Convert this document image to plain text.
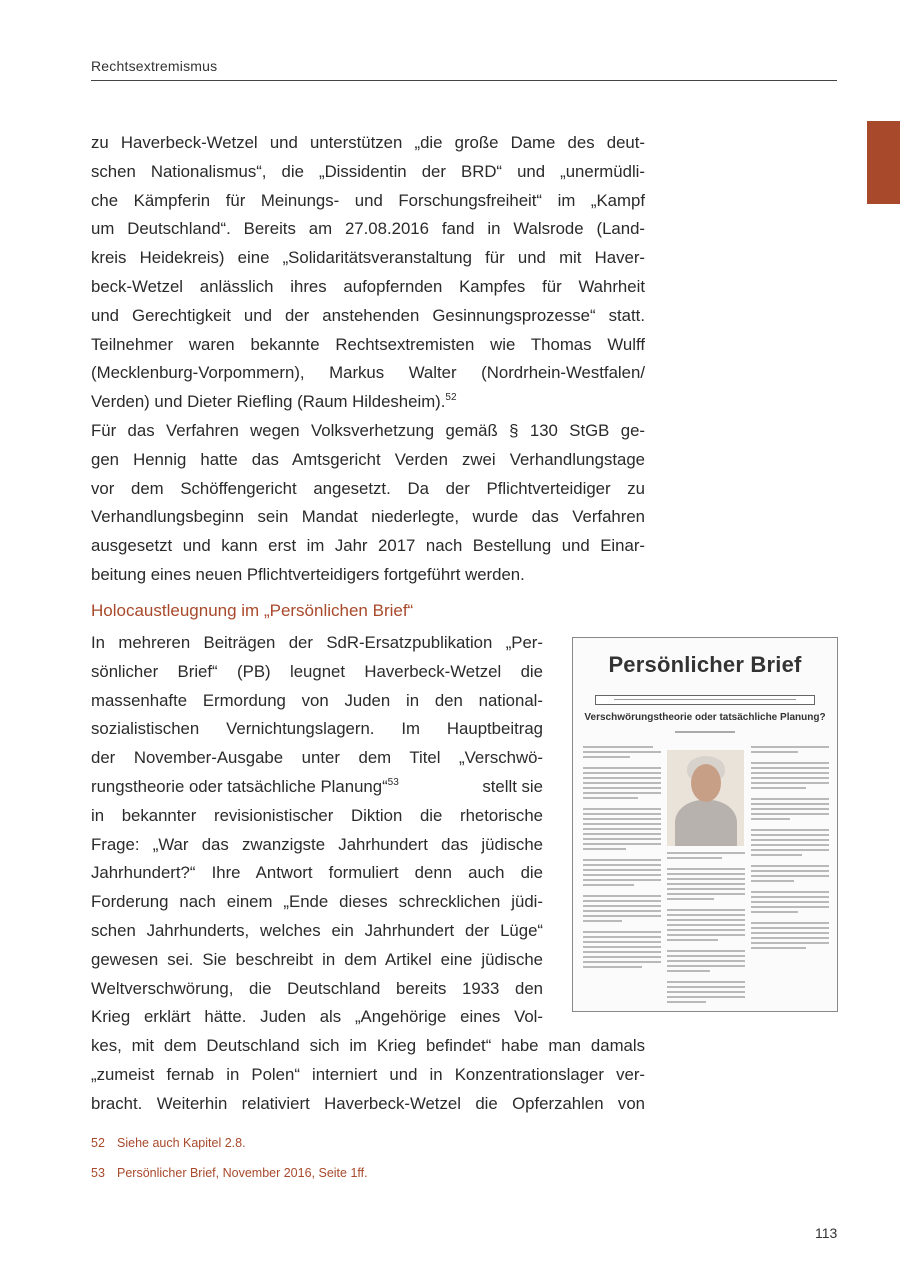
Rechtsextremismus
zu Haverbeck-Wetzel und unterstützen „die große Dame des deut-
schen Nationalismus“, die „Dissidentin der BRD“ und „unermüdli-
che Kämpferin für Meinungs- und Forschungsfreiheit“ im „Kampf
um Deutschland“. Bereits am 27.08.2016 fand in Walsrode (Land-
kreis Heidekreis) eine „Solidaritätsveranstaltung für und mit Haver-
beck-Wetzel anlässlich ihres aufopfernden Kampfes für Wahrheit
und Gerechtigkeit und der anstehenden Gesinnungsprozesse“ statt.
Teilnehmer waren bekannte Rechtsextremisten wie Thomas Wulff
(Mecklenburg-Vorpommern), Markus Walter (Nordrhein-Westfalen/
Verden) und Dieter Riefling (Raum Hildesheim).$^{52}$
Für das Verfahren wegen Volksverhetzung gemäß § 130 StGB ge-
gen Hennig hatte das Amtsgericht Verden zwei Verhandlungstage
vor dem Schöffengericht angesetzt. Da der Pflichtverteidiger zu
Verhandlungsbeginn sein Mandat niederlegte, wurde das Verfahren
ausgesetzt und kann erst im Jahr 2017 nach Bestellung und Einar-
beitung eines neuen Pflichtverteidigers fortgeführt werden.
Holocaustleugnung im „Persönlichen Brief“
In mehreren Beiträgen der SdR-Ersatzpublikation „Per-
sönlicher Brief“ (PB) leugnet Haverbeck-Wetzel die
massenhafte Ermordung von Juden in den national-
sozialistischen Vernichtungslagern. Im Hauptbeitrag
der November-Ausgabe unter dem Titel „Verschwö-
rungstheorie oder tatsächliche Planung“$^{53}$	stellt sie
in bekannter revisionistischer Diktion die rhetorische
Frage: „War das zwanzigste Jahrhundert das jüdische
Jahrhundert?“ Ihre Antwort formuliert denn auch die
Forderung nach einem „Ende dieses schrecklichen jüdi-
schen Jahrhunderts, welches ein Jahrhundert der Lüge“
gewesen sei. Sie beschreibt in dem Artikel eine jüdische
Weltverschwörung, die Deutschland bereits 1933 den
Krieg erklärt hätte. Juden als „Angehörige eines Vol-
kes, mit dem Deutschland sich im Krieg befindet“ habe man damals
„zumeist fernab in Polen“ interniert und in Konzentrationslager ver-
bracht. Weiterhin relativiert Haverbeck-Wetzel die Opferzahlen von
Persönlicher Brief
Verschwörungstheorie oder tatsächliche Planung?
52 Siehe auch Kapitel 2.8.
53 Persönlicher Brief, November 2016, Seite 1ff.
113
